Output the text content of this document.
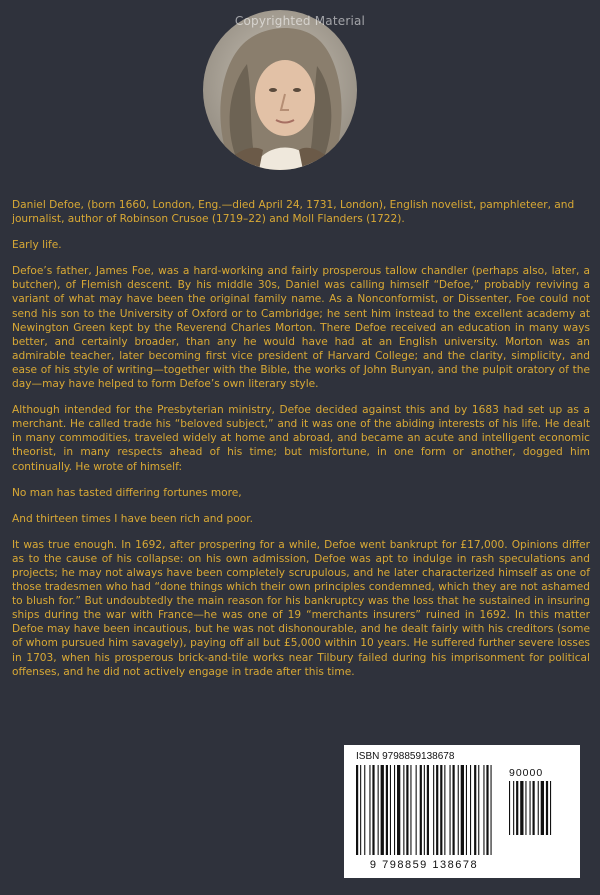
Copyrighted Material

Daniel Defoe, (born 1660, London, Eng.—died April 24, 1731, London), English novelist, pamphleteer, and journalist, author of Robinson Crusoe (1719–22) and Moll Flanders (1722).

Early life.

Defoe’s father, James Foe, was a hard-working and fairly prosperous tallow chandler (perhaps also, later, a butcher), of Flemish descent. By his middle 30s, Daniel was calling himself “Defoe,” probably reviving a variant of what may have been the original family name. As a Nonconformist, or Dissenter, Foe could not send his son to the University of Oxford or to Cambridge; he sent him instead to the excellent academy at Newington Green kept by the Reverend Charles Morton. There Defoe received an education in many ways better, and certainly broader, than any he would have had at an English university. Morton was an admirable teacher, later becoming first vice president of Harvard College; and the clarity, simplicity, and ease of his style of writing—together with the Bible, the works of John Bunyan, and the pulpit oratory of the day—may have helped to form Defoe’s own literary style.

Although intended for the Presbyterian ministry, Defoe decided against this and by 1683 had set up as a merchant. He called trade his “beloved subject,” and it was one of the abiding interests of his life. He dealt in many commodities, traveled widely at home and abroad, and became an acute and intelligent economic theorist, in many respects ahead of his time; but misfortune, in one form or another, dogged him continually. He wrote of himself:

No man has tasted differing fortunes more,

And thirteen times I have been rich and poor.

It was true enough. In 1692, after prospering for a while, Defoe went bankrupt for £17,000. Opinions differ as to the cause of his collapse: on his own admission, Defoe was apt to indulge in rash speculations and projects; he may not always have been completely scrupulous, and he later characterized himself as one of those tradesmen who had “done things which their own principles condemned, which they are not ashamed to blush for.” But undoubtedly the main reason for his bankruptcy was the loss that he sustained in insuring ships during the war with France—he was one of 19 “merchants insurers” ruined in 1692. In this matter Defoe may have been incautious, but he was not dishonourable, and he dealt fairly with his creditors (some of whom pursued him savagely), paying off all but £5,000 within 10 years. He suffered further severe losses in 1703, when his prosperous brick-and-tile works near Tilbury failed during his imprisonment for political offenses, and he did not actively engage in trade after this time.

ISBN 9798859138678
90000
9 798859 138678
